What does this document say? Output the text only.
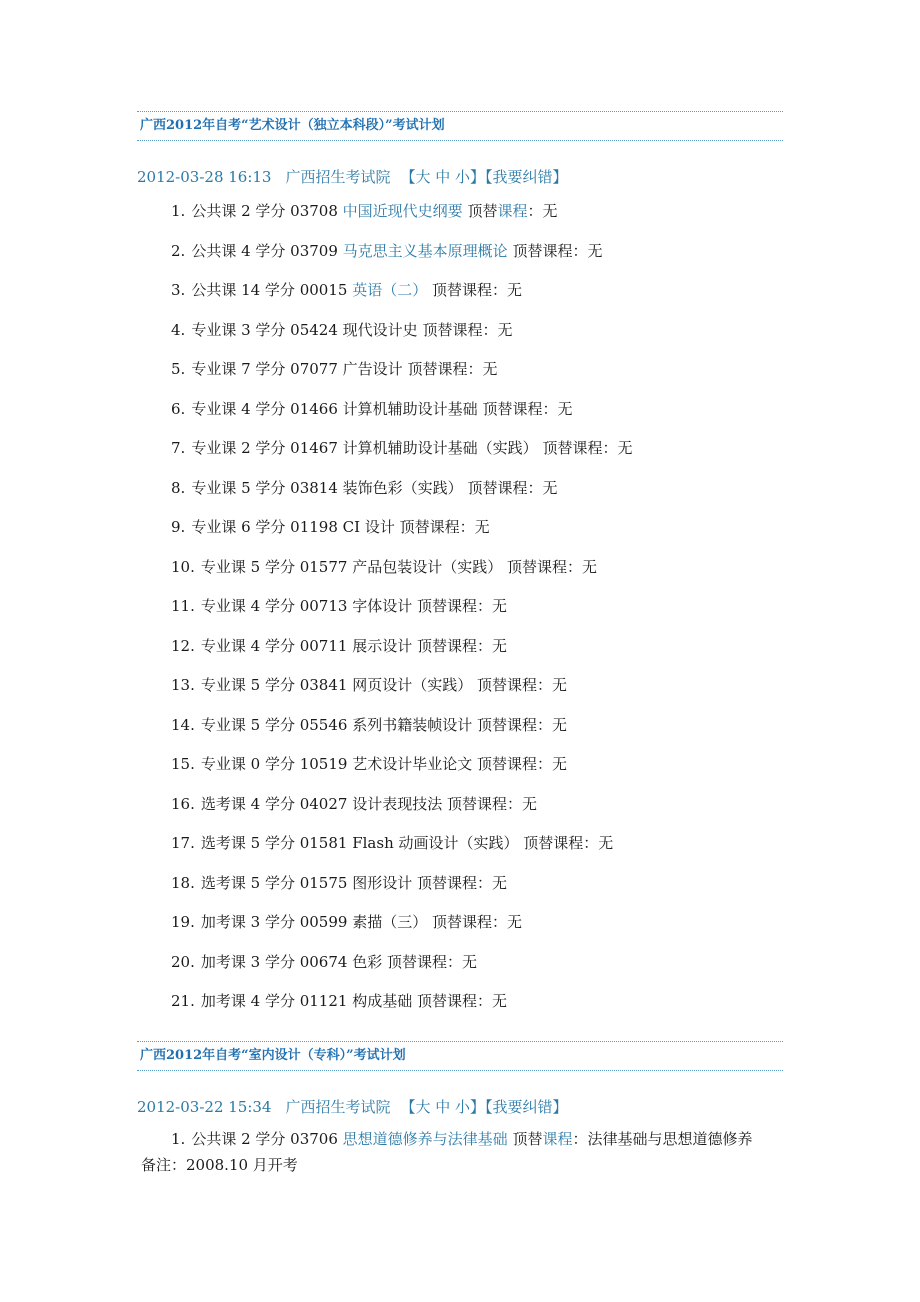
广西2012年自考“艺术设计（独立本科段）”考试计划
2012-03-28 16:13 广西招生考试院 【大 中 小】【我要纠错】
1. 公共课 2 学分 03708 中国近现代史纲要 顶替课程：无
2. 公共课 4 学分 03709 马克思主义基本原理概论 顶替课程：无
3. 公共课 14 学分 00015 英语（二） 顶替课程：无
4. 专业课 3 学分 05424 现代设计史 顶替课程：无
5. 专业课 7 学分 07077 广告设计 顶替课程：无
6. 专业课 4 学分 01466 计算机辅助设计基础 顶替课程：无
7. 专业课 2 学分 01467 计算机辅助设计基础（实践） 顶替课程：无
8. 专业课 5 学分 03814 装饰色彩（实践） 顶替课程：无
9. 专业课 6 学分 01198 CI 设计 顶替课程：无
10. 专业课 5 学分 01577 产品包装设计（实践） 顶替课程：无
11. 专业课 4 学分 00713 字体设计 顶替课程：无
12. 专业课 4 学分 00711 展示设计 顶替课程：无
13. 专业课 5 学分 03841 网页设计（实践） 顶替课程：无
14. 专业课 5 学分 05546 系列书籍装帧设计 顶替课程：无
15. 专业课 0 学分 10519 艺术设计毕业论文 顶替课程：无
16. 选考课 4 学分 04027 设计表现技法 顶替课程：无
17. 选考课 5 学分 01581 Flash 动画设计（实践） 顶替课程：无
18. 选考课 5 学分 01575 图形设计 顶替课程：无
19. 加考课 3 学分 00599 素描（三） 顶替课程：无
20. 加考课 3 学分 00674 色彩 顶替课程：无
21. 加考课 4 学分 01121 构成基础 顶替课程：无
广西2012年自考“室内设计（专科）”考试计划
2012-03-22 15:34 广西招生考试院 【大 中 小】【我要纠错】
1. 公共课 2 学分 03706 思想道德修养与法律基础 顶替课程：法律基础与思想道德修养
备注：2008.10 月开考
